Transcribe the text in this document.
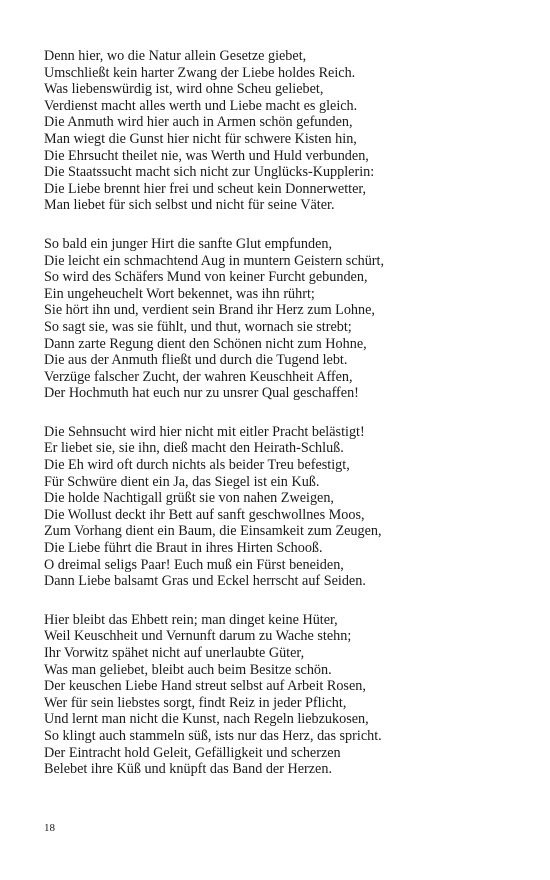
Denn hier, wo die Natur allein Gesetze giebet,
Umschließt kein harter Zwang der Liebe holdes Reich.
Was liebenswürdig ist, wird ohne Scheu geliebet,
Verdienst macht alles werth und Liebe macht es gleich.
Die Anmuth wird hier auch in Armen schön gefunden,
Man wiegt die Gunst hier nicht für schwere Kisten hin,
Die Ehrsucht theilet nie, was Werth und Huld verbunden,
Die Staatssucht macht sich nicht zur Unglücks-Kupplerin:
Die Liebe brennt hier frei und scheut kein Donnerwetter,
Man liebet für sich selbst und nicht für seine Väter.
So bald ein junger Hirt die sanfte Glut empfunden,
Die leicht ein schmachtend Aug in muntern Geistern schürt,
So wird des Schäfers Mund von keiner Furcht gebunden,
Ein ungeheuchelt Wort bekennet, was ihn rührt;
Sie hört ihn und, verdient sein Brand ihr Herz zum Lohne,
So sagt sie, was sie fühlt, und thut, wornach sie strebt;
Dann zarte Regung dient den Schönen nicht zum Hohne,
Die aus der Anmuth fließt und durch die Tugend lebt.
Verzüge falscher Zucht, der wahren Keuschheit Affen,
Der Hochmuth hat euch nur zu unsrer Qual geschaffen!
Die Sehnsucht wird hier nicht mit eitler Pracht belästigt!
Er liebet sie, sie ihn, dieß macht den Heirath-Schluß.
Die Eh wird oft durch nichts als beider Treu befestigt,
Für Schwüre dient ein Ja, das Siegel ist ein Kuß.
Die holde Nachtigall grüßt sie von nahen Zweigen,
Die Wollust deckt ihr Bett auf sanft geschwollnes Moos,
Zum Vorhang dient ein Baum, die Einsamkeit zum Zeugen,
Die Liebe führt die Braut in ihres Hirten Schooß.
O dreimal seligs Paar! Euch muß ein Fürst beneiden,
Dann Liebe balsamt Gras und Eckel herrscht auf Seiden.
Hier bleibt das Ehbett rein; man dinget keine Hüter,
Weil Keuschheit und Vernunft darum zu Wache stehn;
Ihr Vorwitz spähet nicht auf unerlaubte Güter,
Was man geliebet, bleibt auch beim Besitze schön.
Der keuschen Liebe Hand streut selbst auf Arbeit Rosen,
Wer für sein liebstes sorgt, findt Reiz in jeder Pflicht,
Und lernt man nicht die Kunst, nach Regeln liebzukosen,
So klingt auch stammeln süß, ists nur das Herz, das spricht.
Der Eintracht hold Geleit, Gefälligkeit und scherzen
Belebet ihre Küß und knüpft das Band der Herzen.
18
